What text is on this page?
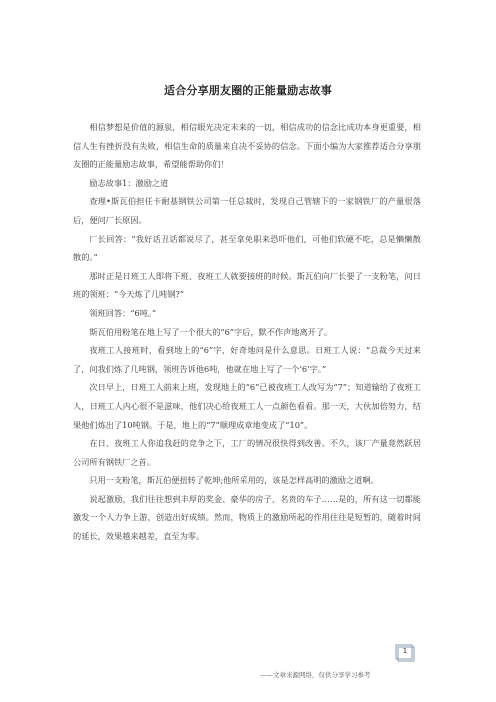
适合分享朋友圈的正能量励志故事

相信梦想是价值的源泉，相信眼光决定未来的一切，相信成功的信念比成功本身更重要，相信人生有挫折没有失败，相信生命的质量来自决不妥协的信念。下面小编为大家推荐适合分享朋友圈的正能量励志故事，希望能帮助你们！

励志故事1：激励之道

查理•斯瓦伯担任卡耐基钢铁公司第一任总裁时，发现自己管辖下的一家钢铁厂的产量很落后，便问厂长原因。

厂长回答：“我好话丑话都说尽了，甚至拿免职来恐吓他们，可他们软硬不吃，总是懒懒散散的。”

那时正是日班工人即将下班、夜班工人就要接班的时候。斯瓦伯向厂长要了一支粉笔，问日班的领班：“今天炼了几吨钢?”

领班回答：“6吨。”

斯瓦伯用粉笔在地上写了一个很大的“6”字后，默不作声地离开了。

夜班工人接班时，看到地上的“6”字，好奇地问是什么意思。日班工人说：“总裁今天过来了，问我们炼了几吨钢，领班告诉他6吨，他就在地上写了一个‘6’字。”

次日早上，日班工人前来上班，发现地上的“6”已被夜班工人改写为“7”；知道输给了夜班工人，日班工人内心很不是滋味，他们决心给夜班工人一点颜色看看。那一天，大伙加倍努力，结果他们炼出了10吨钢。于是，地上的“7”顺理成章地变成了“10”。

在日、夜班工人你追我赶的竞争之下，工厂的情况很快得到改善。不久，该厂产量竟然跃居公司所有钢铁厂之首。

只用一支粉笔，斯瓦伯便扭转了乾坤;他所采用的，该是怎样高明的激励之道啊。

说起激励，我们往往想到丰厚的奖金、豪华的房子、名贵的车子……是的，所有这一切都能激发一个人力争上游，创造出好成绩。然而，物质上的激励所起的作用往往是短暂的，随着时间的延长，效果越来越差，直至为零。

1
——文章来源网络，仅供分享学习参考
